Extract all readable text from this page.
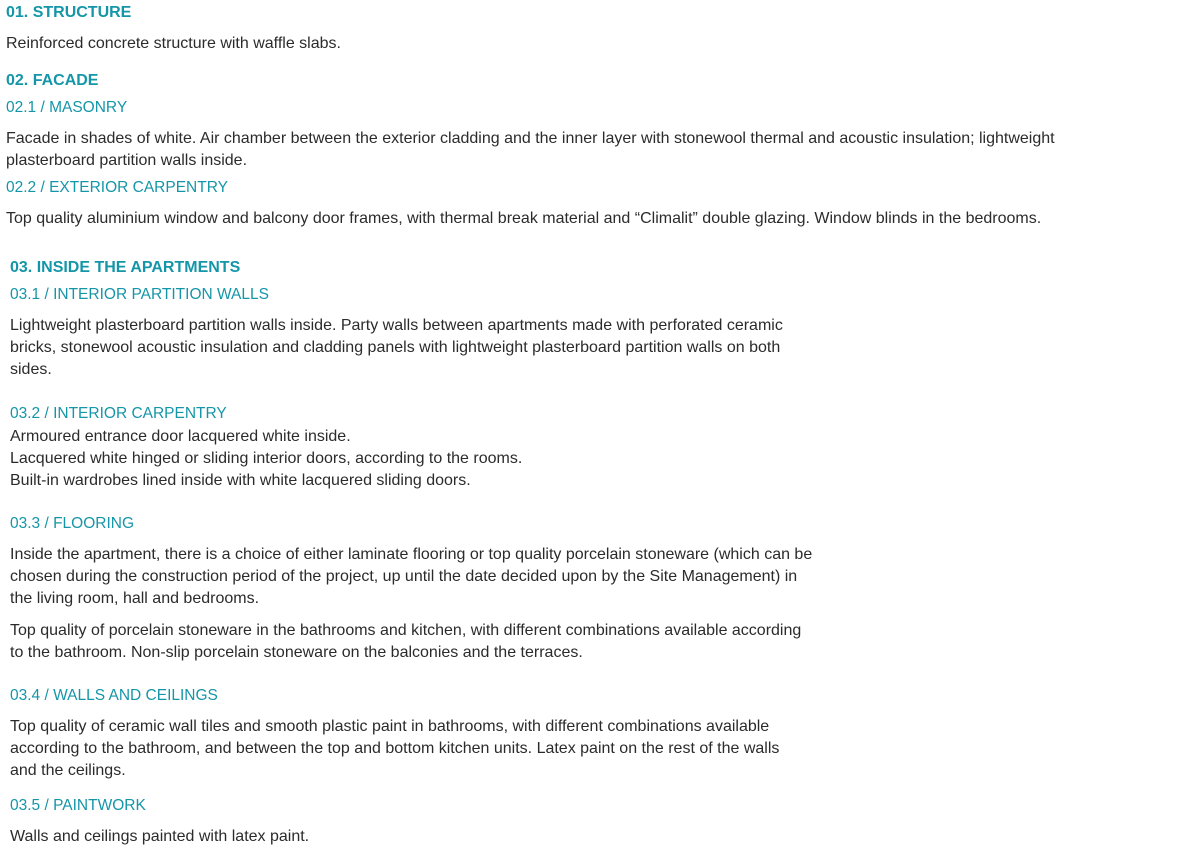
01. STRUCTURE
Reinforced concrete structure with waffle slabs.
02. FACADE
02.1 / MASONRY
Facade in shades of white. Air chamber between the exterior cladding and the inner layer with stonewool thermal and acoustic insulation; lightweight
plasterboard partition walls inside.
02.2 / EXTERIOR CARPENTRY
Top quality aluminium window and balcony door frames, with thermal break material and “Climalit” double glazing. Window blinds in the bedrooms.
03. INSIDE THE APARTMENTS
03.1 / INTERIOR PARTITION WALLS
Lightweight plasterboard partition walls inside. Party walls between apartments made with perforated ceramic
bricks, stonewool acoustic insulation and cladding panels with lightweight plasterboard partition walls on both
sides.
03.2 / INTERIOR CARPENTRY
Armoured entrance door lacquered white inside.
Lacquered white hinged or sliding interior doors, according to the rooms.
Built-in wardrobes lined inside with white lacquered sliding doors.
03.3 / FLOORING
Inside the apartment, there is a choice of either laminate flooring or top quality porcelain stoneware (which can be
chosen during the construction period of the project, up until the date decided upon by the Site Management) in
the living room, hall and bedrooms.
Top quality of porcelain stoneware in the bathrooms and kitchen, with different combinations available according
to the bathroom. Non-slip porcelain stoneware on the balconies and the terraces.
03.4 / WALLS AND CEILINGS
Top quality of ceramic wall tiles and smooth plastic paint in bathrooms, with different combinations available
according to the bathroom, and between the top and bottom kitchen units. Latex paint on the rest of the walls
and the ceilings.
03.5 / PAINTWORK
Walls and ceilings painted with latex paint.
